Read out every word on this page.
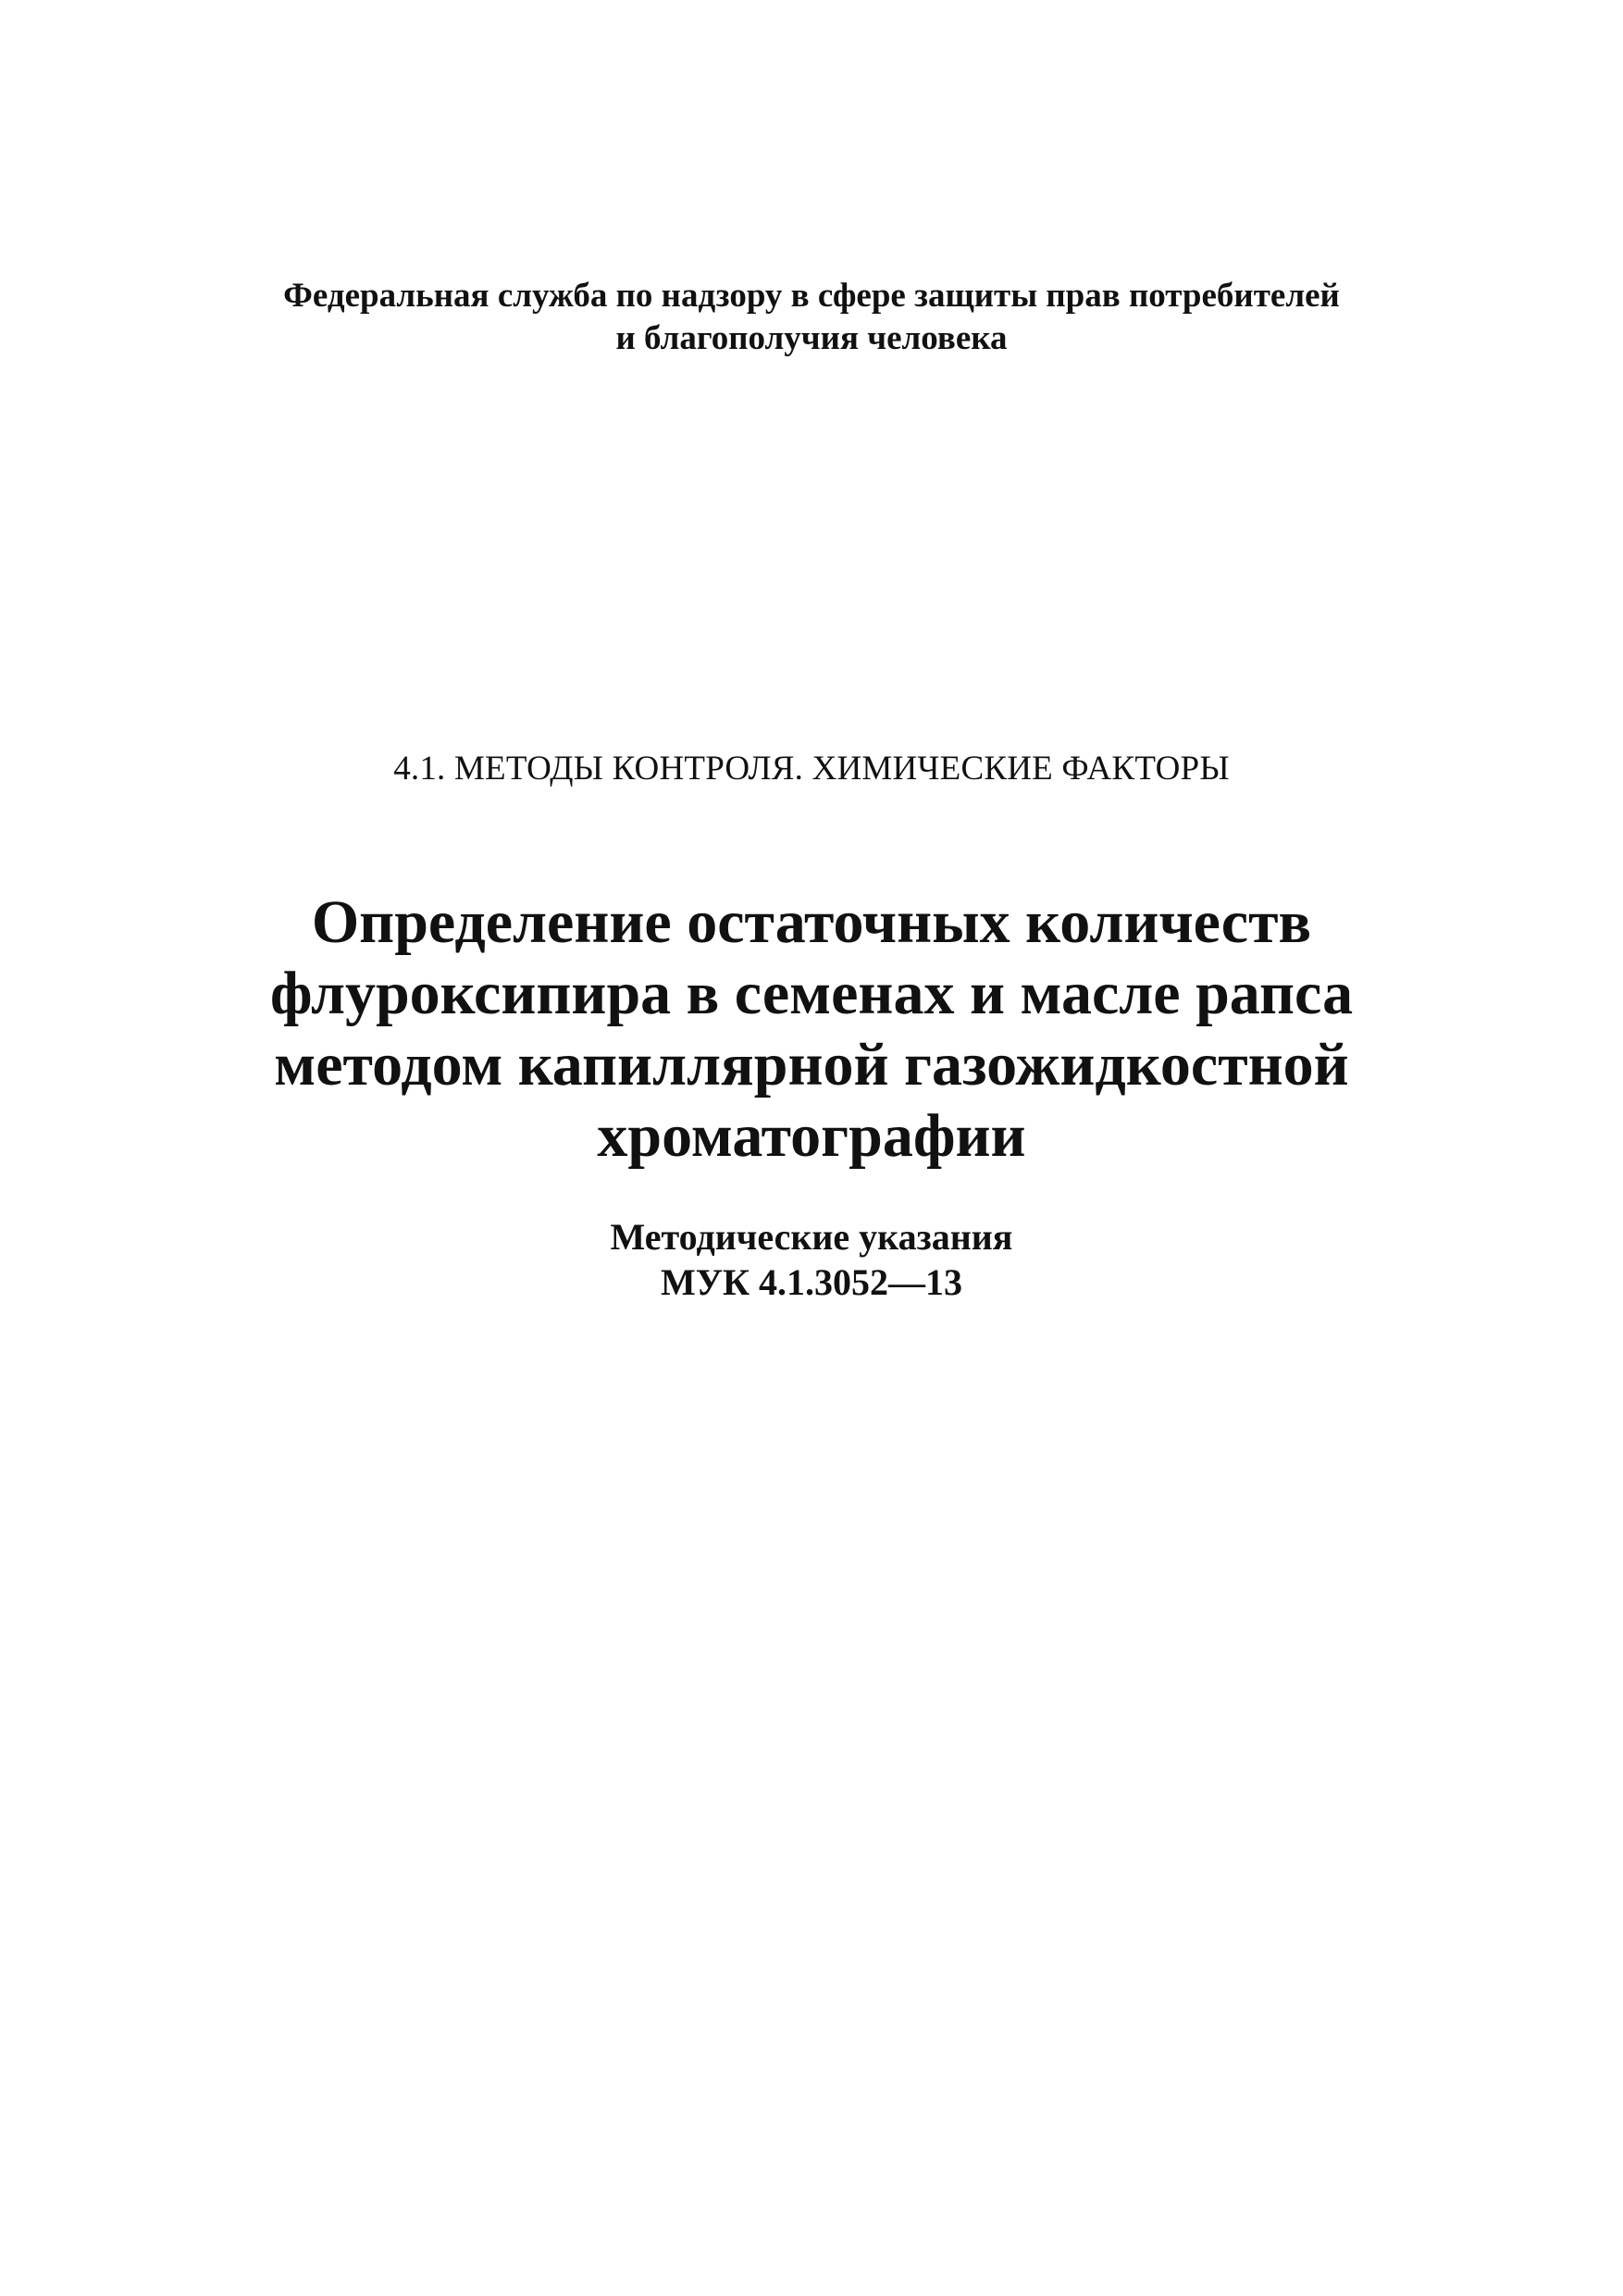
Федеральная служба по надзору в сфере защиты прав потребителей
и благополучия человека
4.1. МЕТОДЫ КОНТРОЛЯ. ХИМИЧЕСКИЕ ФАКТОРЫ
Определение остаточных количеств
флуроксипира в семенах и масле рапса
методом капиллярной газожидкостной
хроматографии
Методические указания
МУК 4.1.3052—13
